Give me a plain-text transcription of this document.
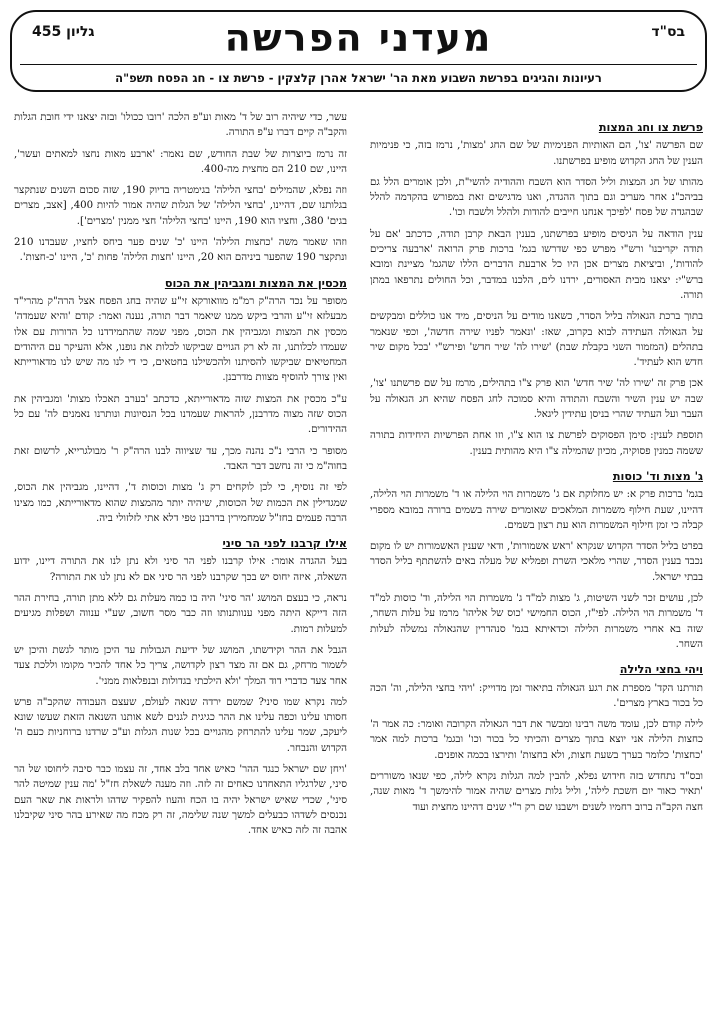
בס"ד
מעדני הפרשה
גליון 455
רעיונות והגיגים בפרשת השבוע מאת הר' ישראל אהרן קלצקין - פרשת צו - חג הפסח תשפ"ה
פרשת צו וחג המצות

שם הפרשה 'צו', הם האותיות הפנימיות של שם החג 'מצות', נרמז בזה, כי פנימיות הענין של החג הקדוש מופיע בפרשתנו.

מהותו של חג המצות וליל הסדר הוא השבח וההודיה להשי"ת, ולכן אומרים הלל גם בביהכ"נ אחר מעריב וגם בתוך ההגדה, ואנו מדגישים זאת במפורש בהקדמה להלל שבהגדה של פסח 'לפיכך אנחנו חייבים להודות ולהלל ולשבח וכו'.

ענין הודאה על הניסים מופיע בפרשתנו, בענין הבאת קרבן תודה, כדכתב 'אם על תודה יקריבנו' ורש"י מפרש כפי שדרשו בגמ' ברכות פרק הרואה 'ארבעה צריכים להודות', וביציאת מצרים אכן היו כל ארבעת הדברים הללו שהגמ' מציינת ומובא ברש"י: יצאנו מבית האסורים, ירדנו לים, הלכנו במדבר, וכל החולים נתרפאו במתן תורה.

בתוך ברכת הגאולה בליל הסדר, כשאנו מודים על הניסים, מיד אנו כוללים ומבקשים על הגאולה העתידה לבוא בקרוב, שאז: 'ונאמר לפניו שירה חדשה', וכפי שנאמר בתהלים (המזמור השני בקבלת שבת) 'שירו לה' שיר חדש' ופירש"י 'בכל מקום שיר חדש הוא לעתיד'.

אכן פרק זה 'שירו לה' שיר חדש' הוא פרק צ"ו בתהילים, מרמז על שם פרשתנו 'צו', שבה יש ענין השיר והשבח והתודה והיא סמוכה לחג הפסח שהיא חג הגאולה על העבר ועל העתיד שהרי בניסן עתידין ליגאל.

תוספת לענין: סימן הפסוקים לפרשת צו הוא צ"ו, וזו אחת הפרשיות היחידות בתורה ששמה כמנין פסוקיה, מכיון שהמילה צ"ו היא מהותית בענין.

ג' מצות וד' כוסות

בגמ' ברכות פרק א: יש מחלוקת אם ג' משמרות הוי הלילה או ד' משמרות הוי הלילה, דהיינו, שעת חילוף משמרות המלאכים שאומרים שירה בשמים ברורה במובא מספרי קבלה כי זמן חילוף המשמרות הוא עת רצון בשמים.

בפרט בליל הסדר הקדוש שנקרא 'ראש אשמורות', ודאי שענין האשמורות יש לו מקום נכבד בענין הסדר, שהרי מלאכי השרת ופמליא של מעלה באים להשתתף בליל הסדר בבתי ישראל.

לכן, עושים זכר לשני השיטות, ג' מצות למ"ד ג' משמרות הוי הלילה, וד' כוסות למ"ד ד' משמרות הוי הלילה. לפי"ז, הכוס החמישי 'כוס של אליהו' מרמז על עלות השחר, שזה בא אחרי משמרות הלילה וכדאיתא בגמ' סנהדרין שהגאולה נמשלה לעלות השחר.

ויהי בחצי הלילה

תורתנו הקד' מספרת את רגע הגאולה בתיאור זמן מדוייק: 'ויהי בחצי הלילה, וה' הכה כל בכור בארץ מצרים'.

לילה קודם לכן, עומד משה רבינו ומבשר את דבר הגאולה הקרובה ואומר: כה אמר ה' כחצות הלילה אני יוצא בתוך מצרים והכיתי כל בכור וכו' ובגמ' ברכות למה אמר 'כחצות' כלומר בערך בשעת חצות, ולא בחצות' ותירצו בכמה אופנים.

ובס"ד נתחדש בזה חידוש נפלא, להבין למה הגלות נקרא לילה, כפי שנאו משוררים 'תאיר כאור יום חשכת לילה', וליל גלות מצרים שהיה אמור להימשך ד' מאות שנה, חצה הקב"ה ברוב רחמיו לשנים וישבנו שם רק ר"י שנים דהיינו מחצית ועוד

עשר, כדי שיהיה רוב של ד' מאות וע"פ הלכה 'רובו ככולו' ובזה יצאנו ידי חובת הגלות והקב"ה קיים דברו ע"פ התורה.

זה נרמז ביוצרות של שבת החודש, שם נאמר: 'ארבע מאות נחצו למאתים ועשר', היינו, שם 210 הם מחצית מה-400.

וזה נפלא, שהמילים 'בחצי הלילה' בגימטריה בדיוק 190, שזה סכום השנים שנתקצר בגלותנו שם, דהיינו, 'בחצי הלילה' של הגלות שהיה אמור להיות 400, [אצב, מצרים בגים' 380, וחציו הוא 190, היינו 'בחצי הלילה' חצי ממנין 'מצרים'].

וזהו שאמר משה 'כחצות הלילה' היינו 'כ' שנים פער ביחס לחציו, שעבדנו 210 ונתקצר 190 שהפער ביניהם הוא 20, היינו 'חצות הלילה' פחות 'כ', היינו 'כ-חצות'.

מכסין את המצות ומגביהין את הכוס

מסופר על נכד הרה"ק רמ"מ מוואורקא זי"ע שהיה בחג הפסח אצל הרה"ק מהרי"ד מבעלזא זי"ע והרבי ביקש ממנו שיאמר דבר תורה, נענה ואמר: קודם 'והיא שעמדה' מכסין את המצות ומגביהין את הכוס, מפני שמה שהתמידדנו כל הדורות עם אלו שעמדו לכלותנו, זה לא רק הגויים שביקשו לכלות את גופנו, אלא והעיקר עם היהודים המחטיאים שביקשו להסיתנו ולהכשילנו בחטאים, כי די לנו מה שיש לנו מדאורייתא ואין צורך להוסיף מצוות מדרבנן.

ע"כ מכסין את המצות שזה מדאורייתא, כדכתב 'בערב תאכלו מצות' ומגביהין את הכוס שזה מצוה מדרבנן, להראות שעמדנו בכל הנסיונות ונותרנו נאמנים לה' עם כל ההידורים.

מסופר כי הרבי נ"כ נהנה מכך, עד שציווה לבנו הרה"ק ר' מבולגרייא, לרשום זאת בחוה"מ כי זה נחשב דבר האבד.

לפי זה נוסיף, כי לכן לוקחים רק ג' מצות וכוסות ד', דהיינו, מגביהין את הכוס, שמגדילין את הכמות של הכוסות, שיהיה יותר מהמצות שהוא מדאורייתא, כמו מצינו הרבה פעמים בחז"ל שמחמירין בדרבנן טפי דלא אתי לזלזולי ביה.

אילו קרבנו לפני הר סיני

בעל ההגדה אומר: אילו קרבנו לפני הר סיני ולא נתן לנו את התורה דיינו, ידוע השאלה, איזה יחוס יש בכך שקרבנו לפני הר סיני אם לא נתן לנו את התורה?

נראה, כי בעצם המושג 'הר סיני' היה בו כמה מעלות גם ללא מתן תורה, בחירת ההר הזה דייקא היתה מפני ענוותנותו וזה כבר מסר חשוב, שע"י ענווה ושפלות מגיעים למעלות רמות.

הגבל את ההר וקידשתו, המושג של ידיעת הגבולות עד היכן מותר לגשת והיכן יש לשמור מרחק, גם אם זה מצד רצון לקדושה, צריך כל אחד להכיר מקומו וללכת צעד אחר צעד כדברי דוד המלך 'ולא הילכתי בגדולות ובנפלאות ממני'.

למה נקרא שמו סיני? שמשם ירדה שנאה לעולם, שעצם העבודה שהקב"ה פרש חסותו עלינו וכפה עלינו את ההר כגיגית לגנים לשא אותנו השנאה הזאת שעשו שונא ליעקב, שמר עלינו להתרחק מהגויים בכל שנות הגלות וע"כ שרדנו ברוחניות כעם ה' הקדוש והנבחר.

'ויחן שם ישראל כנגד ההר' כאיש אחד בלב אחד, זה עצמו כבר סיבה ליחוסו של הר סיני, שלרגליו התאחדנו כאחים זה לזה. וזה מענה לשאלת חז"ל 'מה ענין שמיטה להר סיני', שכדי שאיש ישראל יהיה בו הכח והעוז להפקיר שדהו ולראות את שאר העם נכנסים לשדהו כבעלים למשך שנה שלימה, זה רק מכח מה שאירע בהר סיני שקיבלנו אהבה זה לזה כאיש אחד.
